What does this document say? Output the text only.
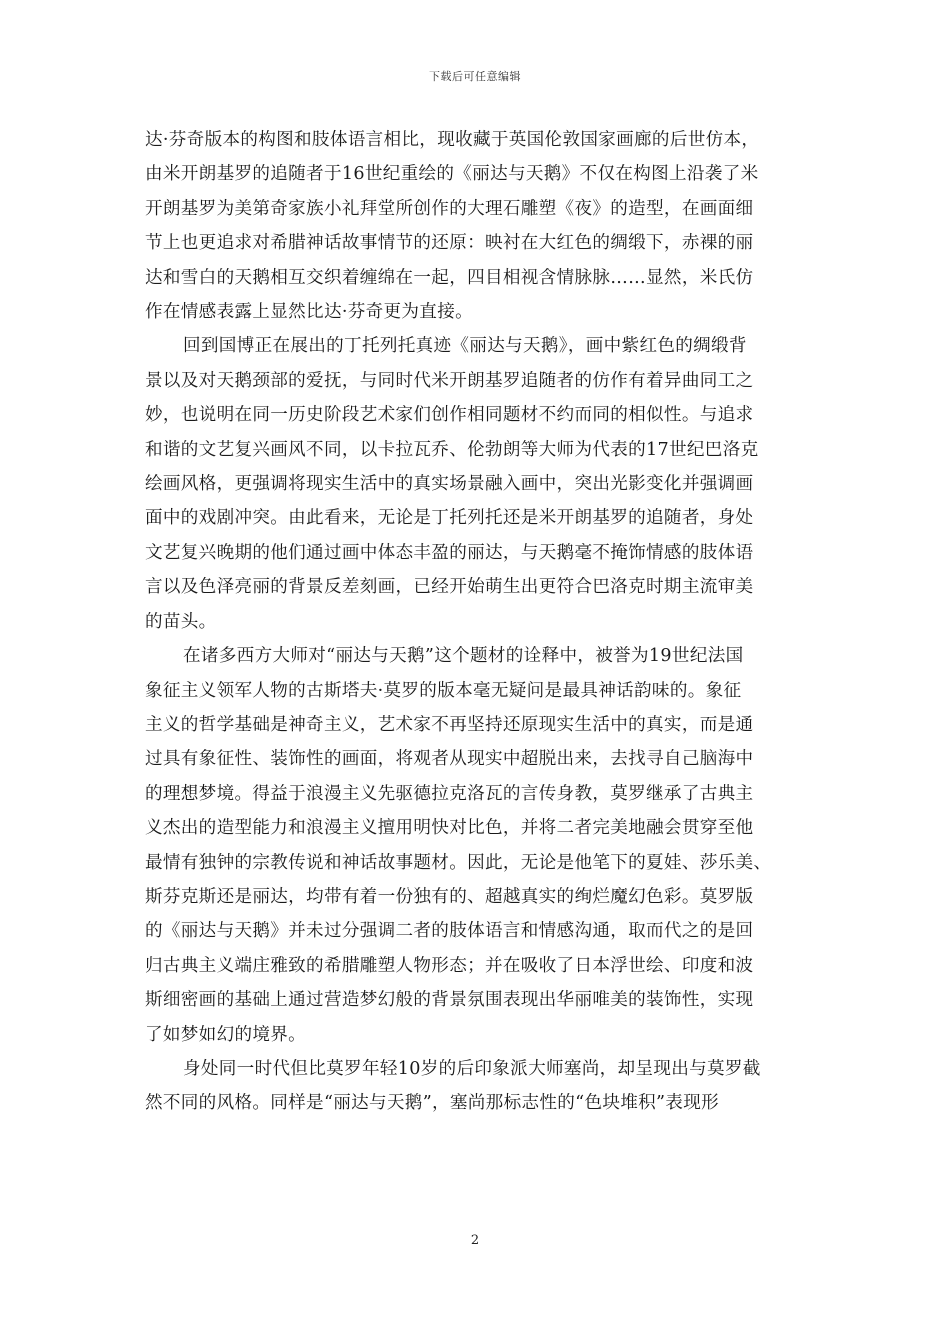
下载后可任意编辑

达·芬奇版本的构图和肢体语言相比，现收藏于英国伦敦国家画廊的后世仿本，
由米开朗基罗的追随者于16世纪重绘的《丽达与天鹅》不仅在构图上沿袭了米
开朗基罗为美第奇家族小礼拜堂所创作的大理石雕塑《夜》的造型，在画面细
节上也更追求对希腊神话故事情节的还原：映衬在大红色的绸缎下，赤裸的丽
达和雪白的天鹅相互交织着缠绵在一起，四目相视含情脉脉……显然，米氏仿
作在情感表露上显然比达·芬奇更为直接。

回到国博正在展出的丁托列托真迹《丽达与天鹅》，画中紫红色的绸缎背
景以及对天鹅颈部的爱抚，与同时代米开朗基罗追随者的仿作有着异曲同工之
妙，也说明在同一历史阶段艺术家们创作相同题材不约而同的相似性。与追求
和谐的文艺复兴画风不同，以卡拉瓦乔、伦勃朗等大师为代表的17世纪巴洛克
绘画风格，更强调将现实生活中的真实场景融入画中，突出光影变化并强调画
面中的戏剧冲突。由此看来，无论是丁托列托还是米开朗基罗的追随者，身处
文艺复兴晚期的他们通过画中体态丰盈的丽达，与天鹅毫不掩饰情感的肢体语
言以及色泽亮丽的背景反差刻画，已经开始萌生出更符合巴洛克时期主流审美
的苗头。

在诸多西方大师对“丽达与天鹅”这个题材的诠释中，被誉为19世纪法国
象征主义领军人物的古斯塔夫·莫罗的版本毫无疑问是最具神话韵味的。象征
主义的哲学基础是神奇主义，艺术家不再坚持还原现实生活中的真实，而是通
过具有象征性、装饰性的画面，将观者从现实中超脱出来，去找寻自己脑海中
的理想梦境。得益于浪漫主义先驱德拉克洛瓦的言传身教，莫罗继承了古典主
义杰出的造型能力和浪漫主义擅用明快对比色，并将二者完美地融会贯穿至他
最情有独钟的宗教传说和神话故事题材。因此，无论是他笔下的夏娃、莎乐美、
斯芬克斯还是丽达，均带有着一份独有的、超越真实的绚烂魔幻色彩。莫罗版
的《丽达与天鹅》并未过分强调二者的肢体语言和情感沟通，取而代之的是回
归古典主义端庄雅致的希腊雕塑人物形态；并在吸收了日本浮世绘、印度和波
斯细密画的基础上通过营造梦幻般的背景氛围表现出华丽唯美的装饰性，实现
了如梦如幻的境界。

身处同一时代但比莫罗年轻10岁的后印象派大师塞尚，却呈现出与莫罗截
然不同的风格。同样是“丽达与天鹅”，塞尚那标志性的“色块堆积”表现形

2
